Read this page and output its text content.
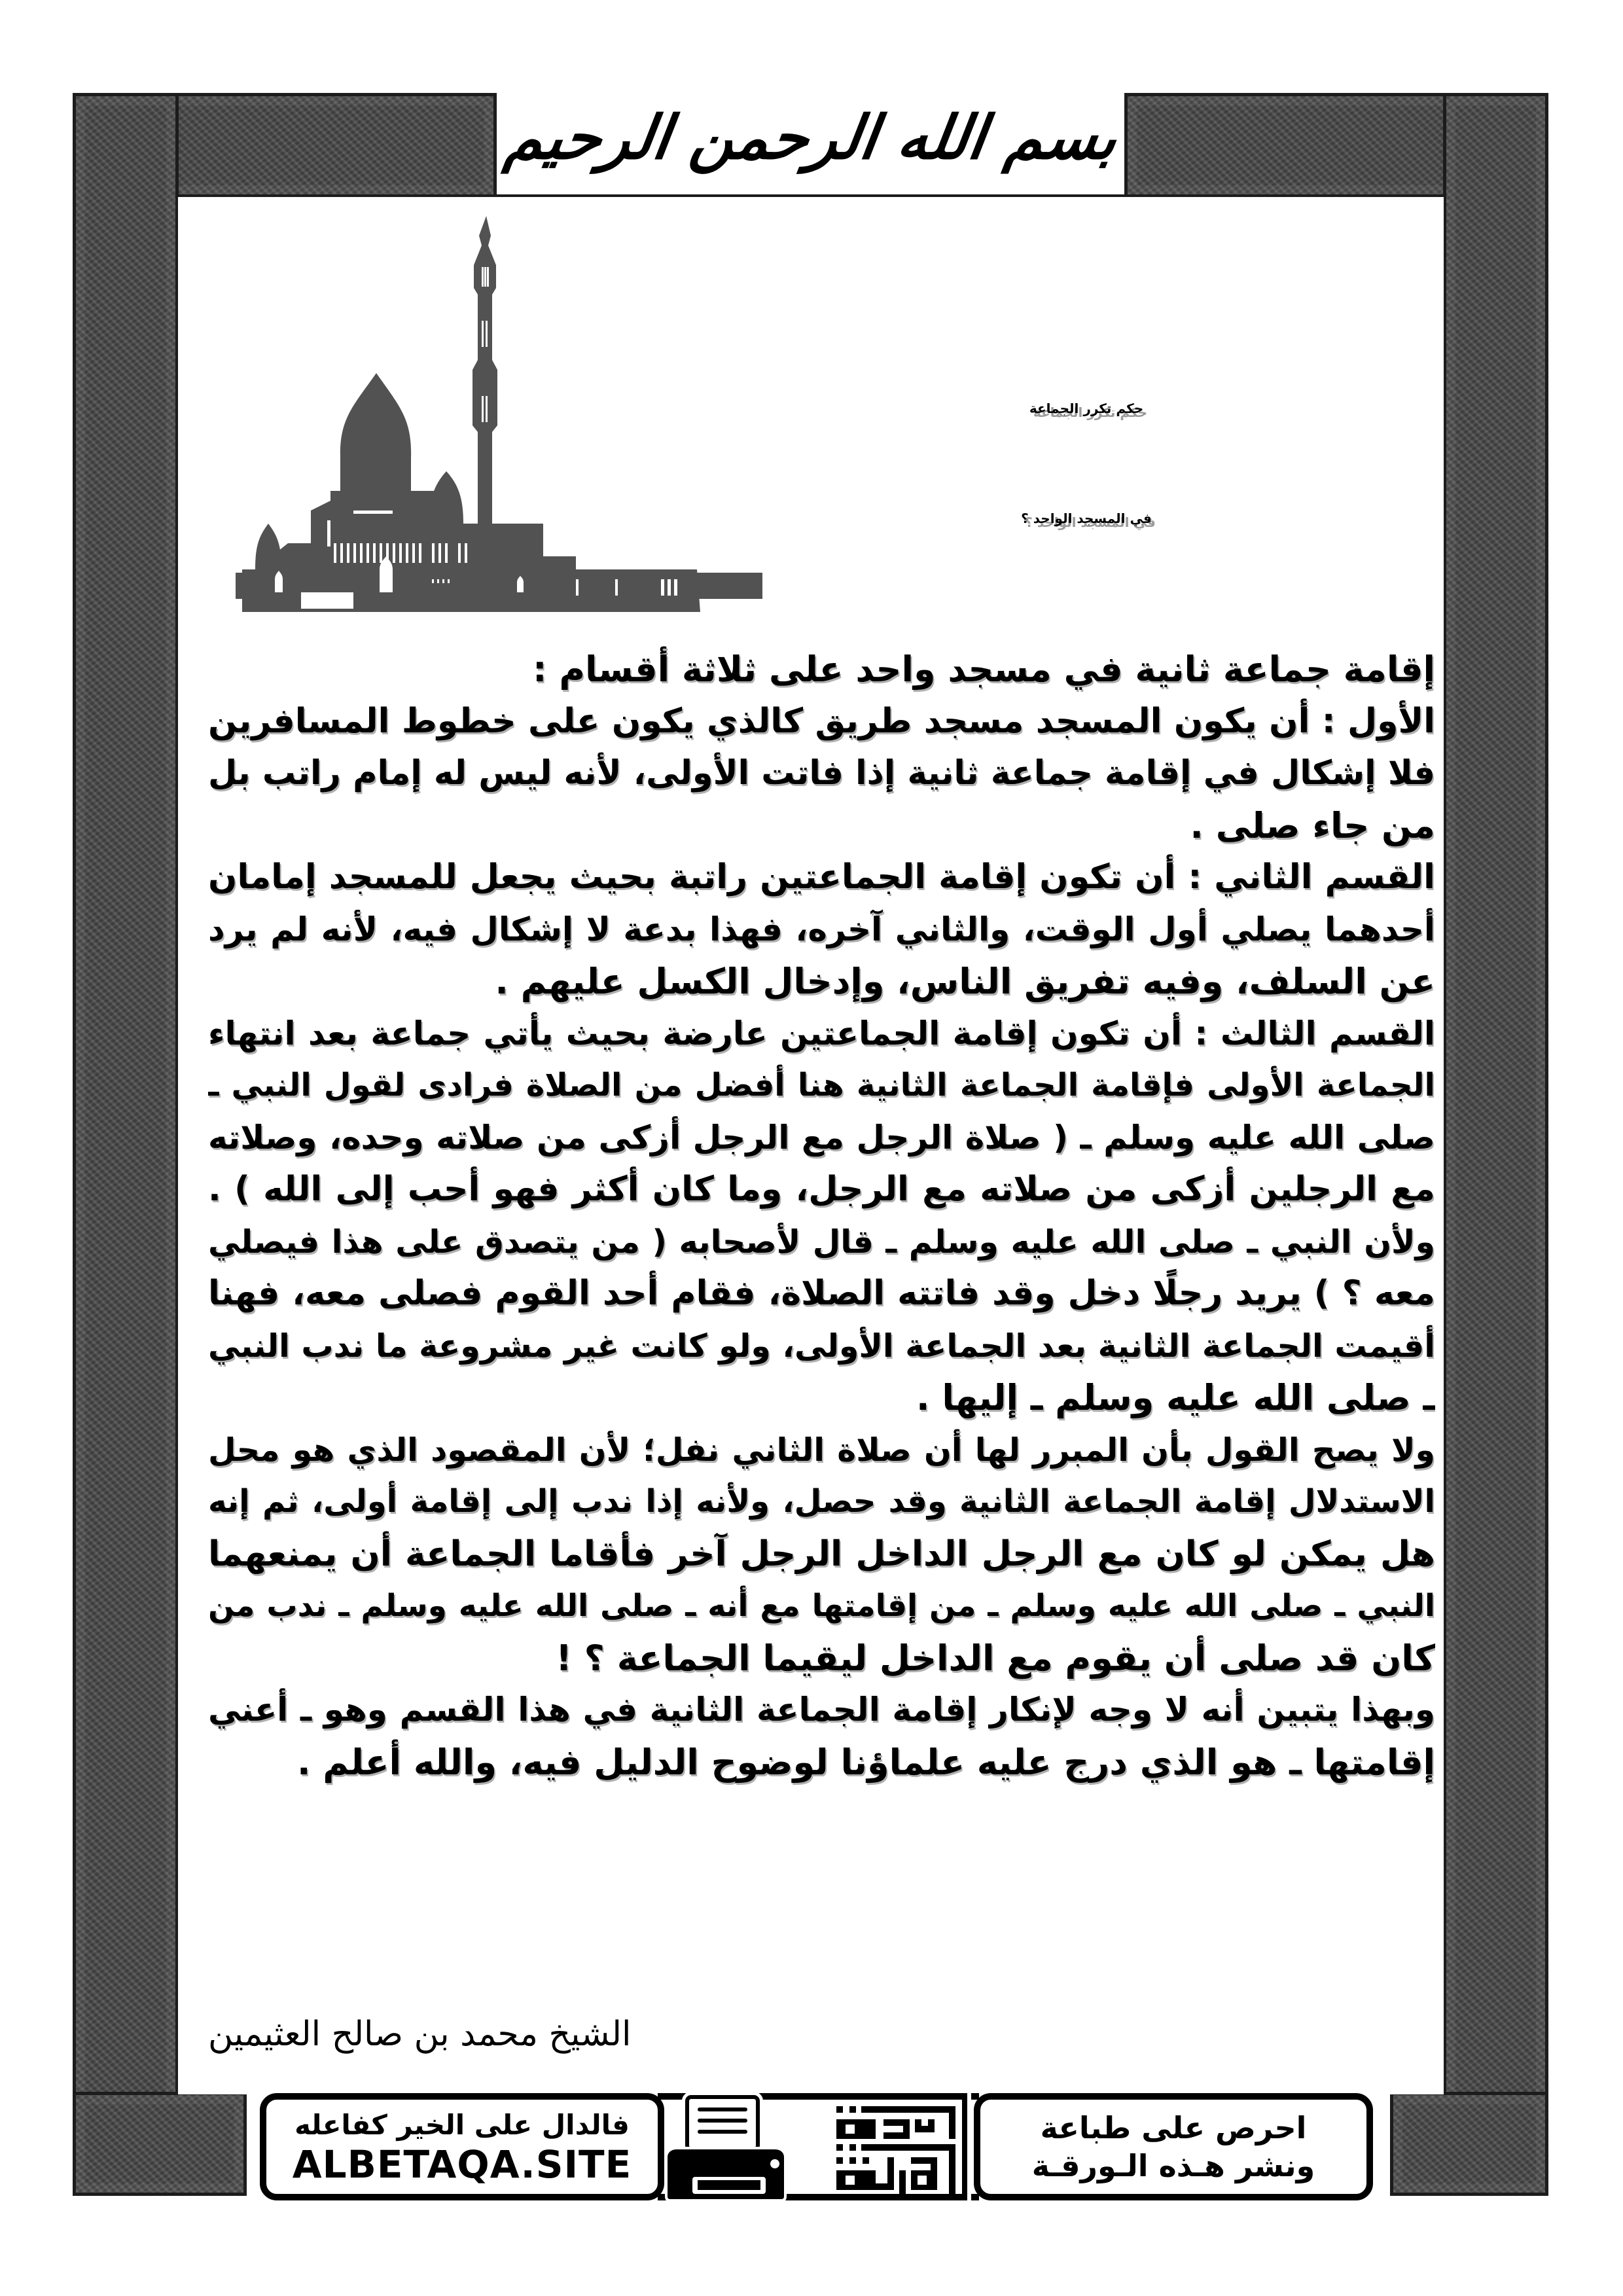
بسم الله الرحمن الرحيم
حكم تكرر الجماعة
في المسجد الواحد ؟
إقامة جماعة ثانية في مسجد واحد على ثلاثة أقسام :
الأول : أن يكون المسجد مسجد طريق كالذي يكون على خطوط المسافرين
فلا إشكال في إقامة جماعة ثانية إذا فاتت الأولى، لأنه ليس له إمام راتب بل
من جاء صلى .
القسم الثاني : أن تكون إقامة الجماعتين راتبة بحيث يجعل للمسجد إمامان
أحدهما يصلي أول الوقت، والثاني آخره، فهذا بدعة لا إشكال فيه، لأنه لم يرد
عن السلف، وفيه تفريق الناس، وإدخال الكسل عليهم .
القسم الثالث : أن تكون إقامة الجماعتين عارضة بحيث يأتي جماعة بعد انتهاء
الجماعة الأولى فإقامة الجماعة الثانية هنا أفضل من الصلاة فرادى لقول النبي ـ
صلى الله عليه وسلم ـ ( صلاة الرجل مع الرجل أزكى من صلاته وحده، وصلاته
مع الرجلين أزكى من صلاته مع الرجل، وما كان أكثر فهو أحب إلى الله ) .
ولأن النبي ـ صلى الله عليه وسلم ـ قال لأصحابه ( من يتصدق على هذا فيصلي
معه ؟ ) يريد رجلًا دخل وقد فاتته الصلاة، فقام أحد القوم فصلى معه، فهنا
أقيمت الجماعة الثانية بعد الجماعة الأولى، ولو كانت غير مشروعة ما ندب النبي
ـ صلى الله عليه وسلم ـ إليها .
ولا يصح القول بأن المبرر لها أن صلاة الثاني نفل؛ لأن المقصود الذي هو محل
الاستدلال إقامة الجماعة الثانية وقد حصل، ولأنه إذا ندب إلى إقامة أولى، ثم إنه
هل يمكن لو كان مع الرجل الداخل الرجل آخر فأقاما الجماعة أن يمنعهما
النبي ـ صلى الله عليه وسلم ـ من إقامتها مع أنه ـ صلى الله عليه وسلم ـ ندب من
كان قد صلى أن يقوم مع الداخل ليقيما الجماعة ؟ !
وبهذا يتبين أنه لا وجه لإنكار إقامة الجماعة الثانية في هذا القسم وهو ـ أعني
إقامتها ـ هو الذي درج عليه علماؤنا لوضوح الدليل فيه، والله أعلم .
الشيخ محمد بن صالح العثيمين
فالدال على الخير كفاعله
ALBETAQA.SITE
احرص على طباعة
ونشر هـذه الـورقـة
